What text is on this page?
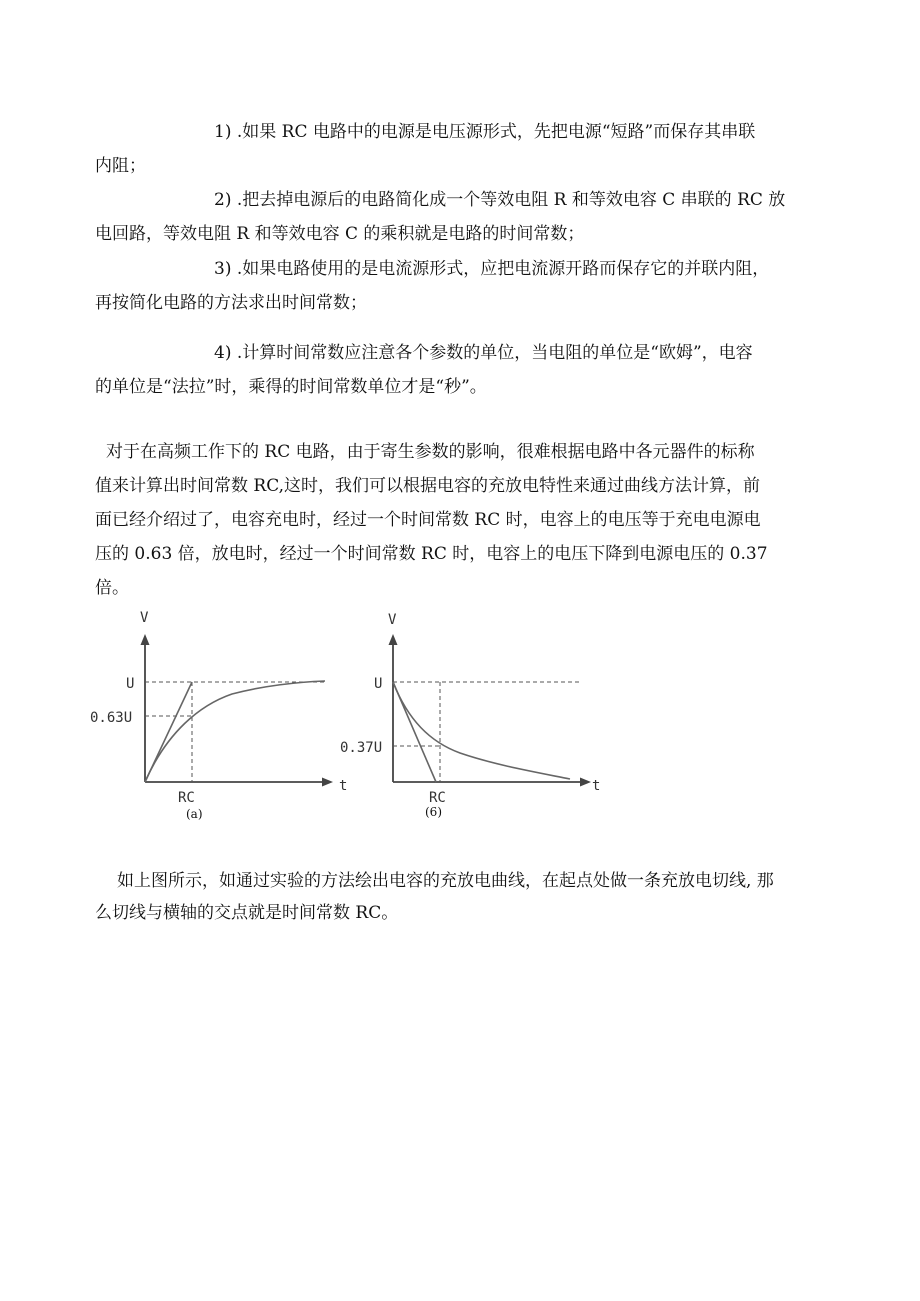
1) .如果 RC 电路中的电源是电压源形式，先把电源“短路”而保存其串联
内阻；
2) .把去掉电源后的电路简化成一个等效电阻 R 和等效电容 C 串联的 RC 放
电回路，等效电阻 R 和等效电容 C 的乘积就是电路的时间常数；
3) .如果电路使用的是电流源形式，应把电流源开路而保存它的并联内阻，
再按简化电路的方法求出时间常数；
4) .计算时间常数应注意各个参数的单位，当电阻的单位是“欧姆”，电容
的单位是“法拉”时，乘得的时间常数单位才是“秒”。
对于在高频工作下的 RC 电路，由于寄生参数的影响，很难根据电路中各元器件的标称
值来计算出时间常数 RC,这时，我们可以根据电容的充放电特性来通过曲线方法计算，前
面已经介绍过了，电容充电时，经过一个时间常数 RC 时，电容上的电压等于充电电源电
压的 0.63 倍，放电时，经过一个时间常数 RC 时，电容上的电压下降到电源电压的 0.37
倍。
V
t
U
0.63U
RC
(a)
V
t
U
0.37U
RC
(6)
如上图所示，如通过实验的方法绘出电容的充放电曲线，在起点处做一条充放电切线, 那
么切线与横轴的交点就是时间常数 RC。
